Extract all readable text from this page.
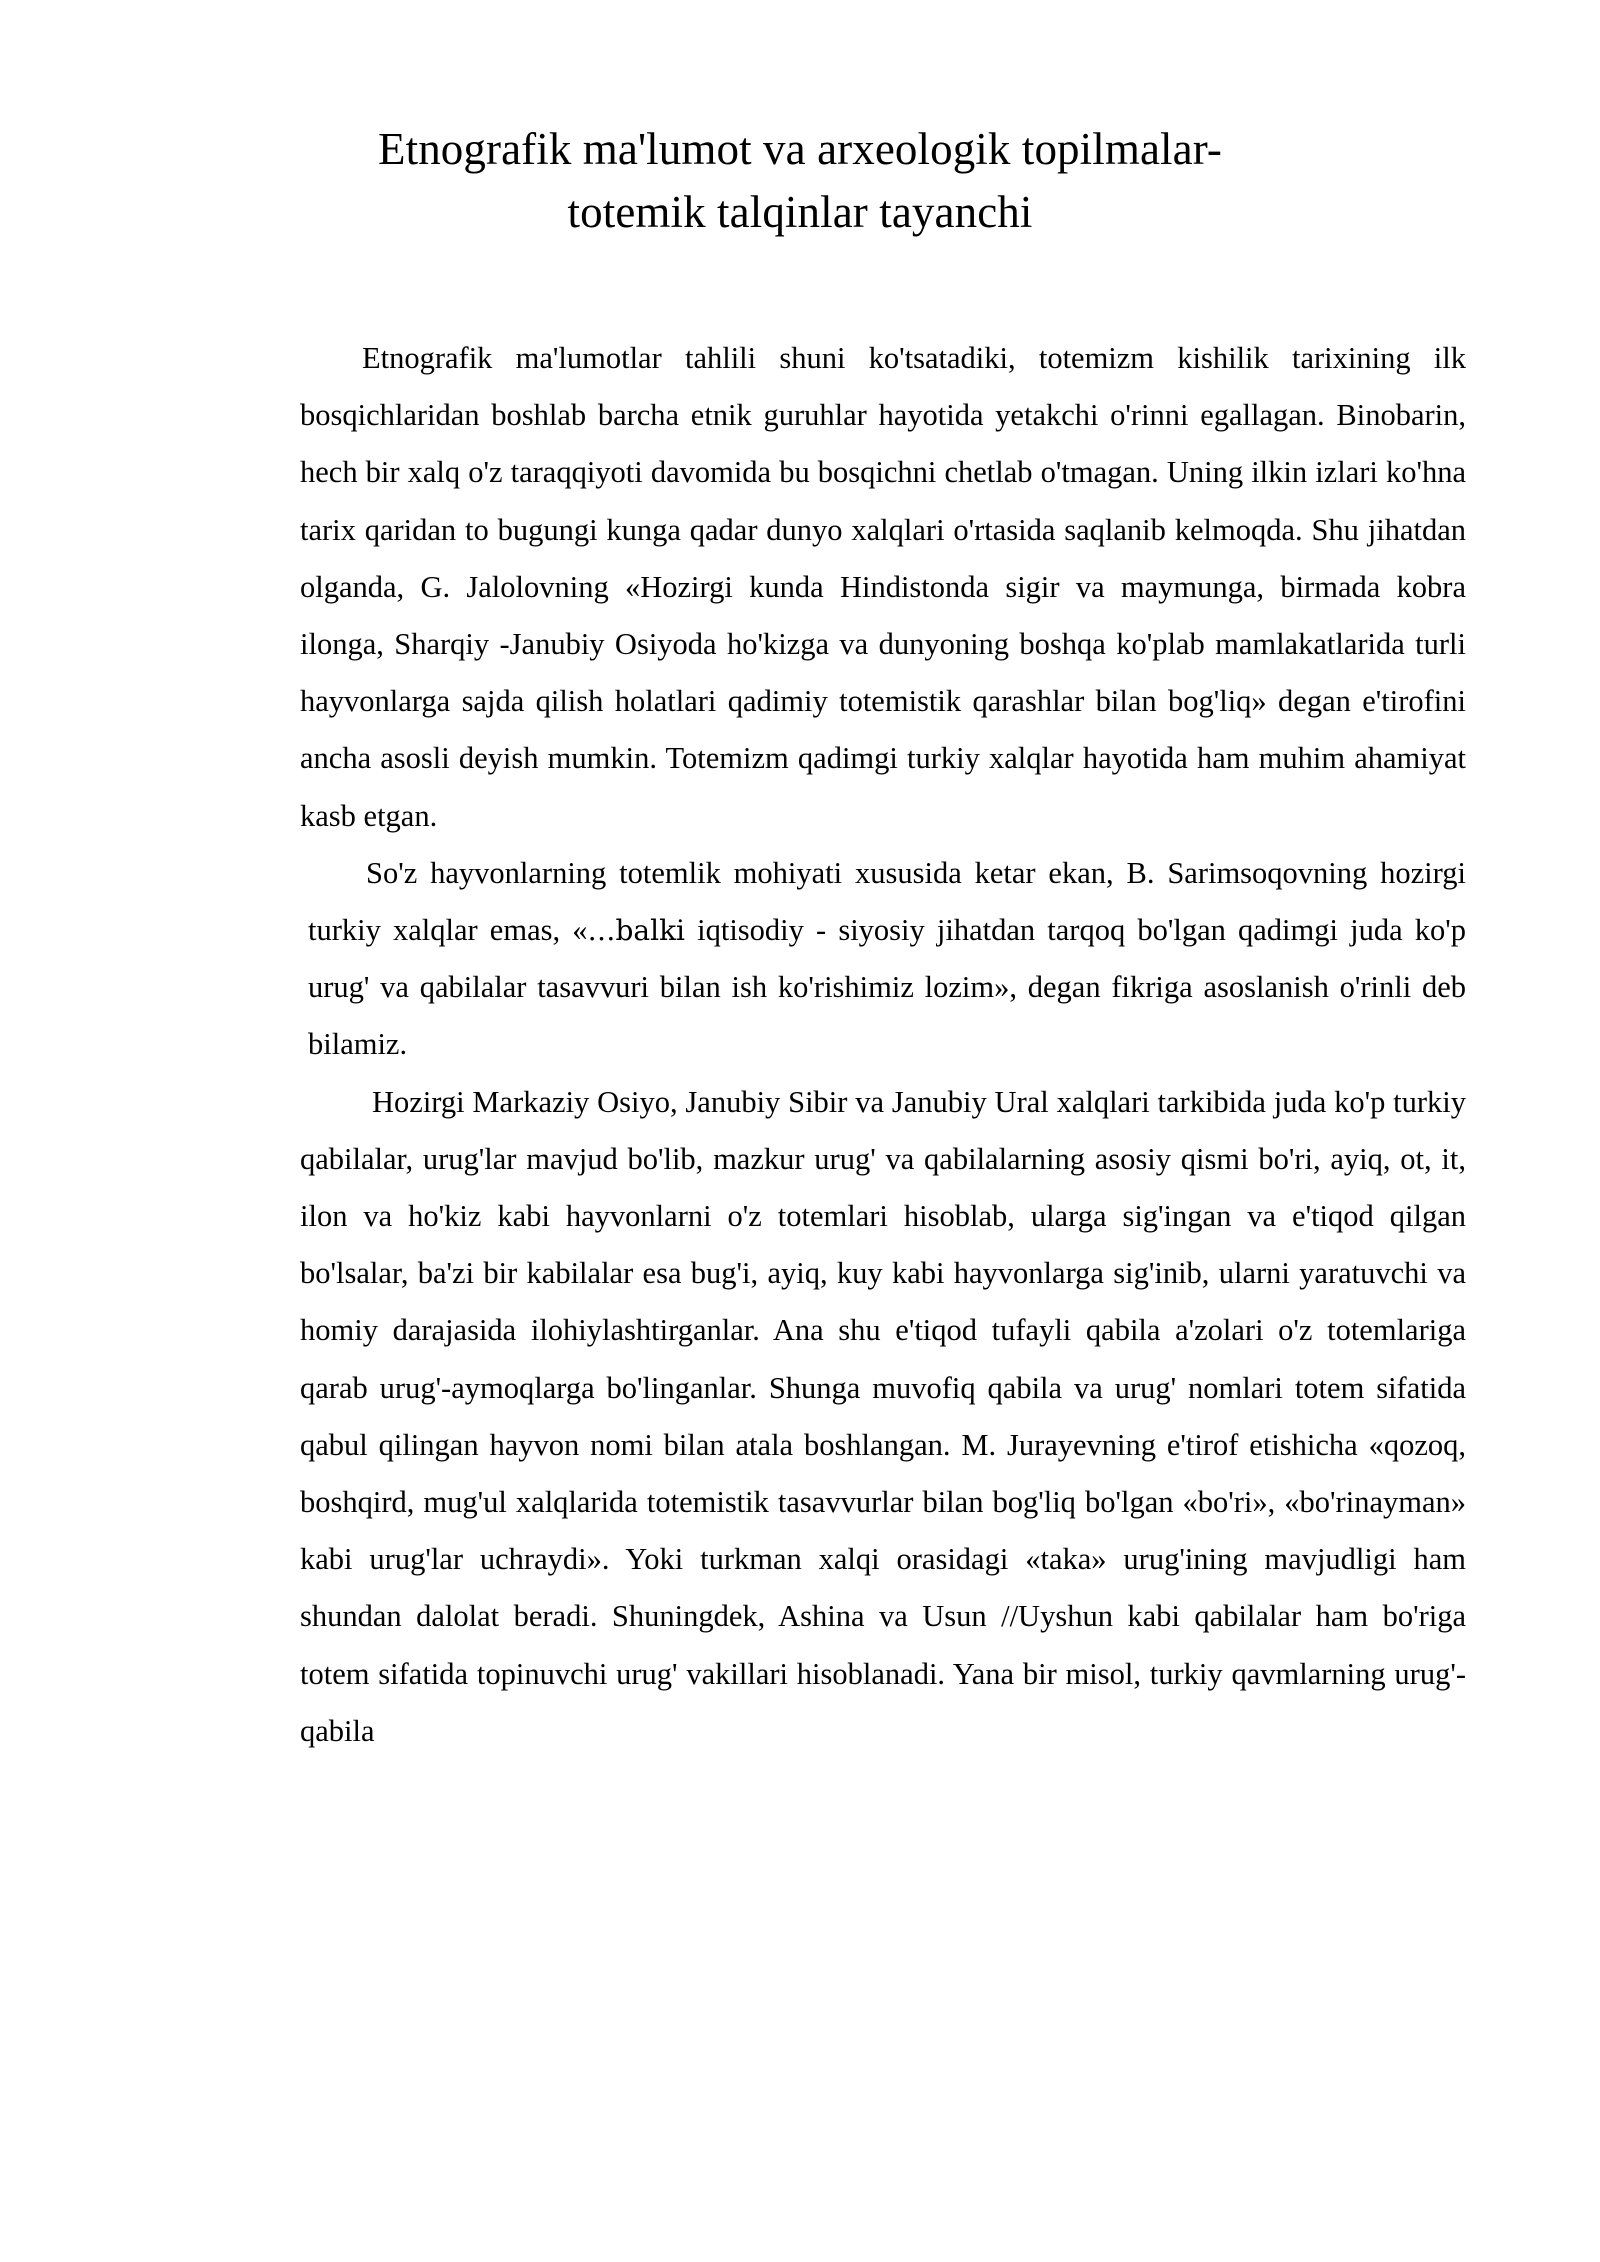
Etnografik ma'lumot va arxeologik topilmalar-
totemik talqinlar tayanchi

Etnografik ma'lumotlar tahlili shuni ko'tsatadiki, totemizm kishilik tarixining ilk bosqichlaridan boshlab barcha etnik guruhlar hayotida yetakchi o'rinni egallagan. Binobarin, hech bir xalq o'z taraqqiyoti davomida bu bosqichni chetlab o'tmagan. Uning ilkin izlari ko'hna tarix qaridan to bugungi kunga qadar dunyo xalqlari o'rtasida saqlanib kelmoqda. Shu jihatdan olganda, G. Jalolovning «Hozirgi kunda Hindistonda sigir va maymunga, birmada kobra ilonga, Sharqiy -Janubiy Osiyoda ho'kizga va dunyoning boshqa ko'plab mamlakatlarida turli hayvonlarga sajda qilish holatlari qadimiy totemistik qarashlar bilan bog'liq» degan e'tirofini ancha asosli deyish mumkin. Totemizm qadimgi turkiy xalqlar hayotida ham muhim ahamiyat kasb etgan.

So'z hayvonlarning totemlik mohiyati xususida ketar ekan, B. Sarimsoqovning hozirgi turkiy xalqlar emas, «…balki iqtisodiy - siyosiy jihatdan tarqoq bo'lgan qadimgi juda ko'p urug' va qabilalar tasavvuri bilan ish ko'rishimiz lozim», degan fikriga asoslanish o'rinli deb bilamiz.

Hozirgi Markaziy Osiyo, Janubiy Sibir va Janubiy Ural xalqlari tarkibida juda ko'p turkiy qabilalar, urug'lar mavjud bo'lib, mazkur urug' va qabilalarning asosiy qismi bo'ri, ayiq, ot, it, ilon va ho'kiz kabi hayvonlarni o'z totemlari hisoblab, ularga sig'ingan va e'tiqod qilgan bo'lsalar, ba'zi bir kabilalar esa bug'i, ayiq, kuy kabi hayvonlarga sig'inib, ularni yaratuvchi va homiy darajasida ilohiylashtirganlar. Ana shu e'tiqod tufayli qabila a'zolari o'z totemlariga qarab urug'-aymoqlarga bo'linganlar. Shunga muvofiq qabila va urug' nomlari totem sifatida qabul qilingan hayvon nomi bilan atala boshlangan. M. Jurayevning e'tirof etishicha «qozoq, boshqird, mug'ul xalqlarida totemistik tasavvurlar bilan bog'liq bo'lgan «bo'ri», «bo'rinayman» kabi urug'lar uchraydi». Yoki turkman xalqi orasidagi «taka» urug'ining mavjudligi ham shundan dalolat beradi. Shuningdek, Ashina va Usun //Uyshun kabi qabilalar ham bo'riga totem sifatida topinuvchi urug' vakillari hisoblanadi. Yana bir misol, turkiy qavmlarning urug'-qabila
